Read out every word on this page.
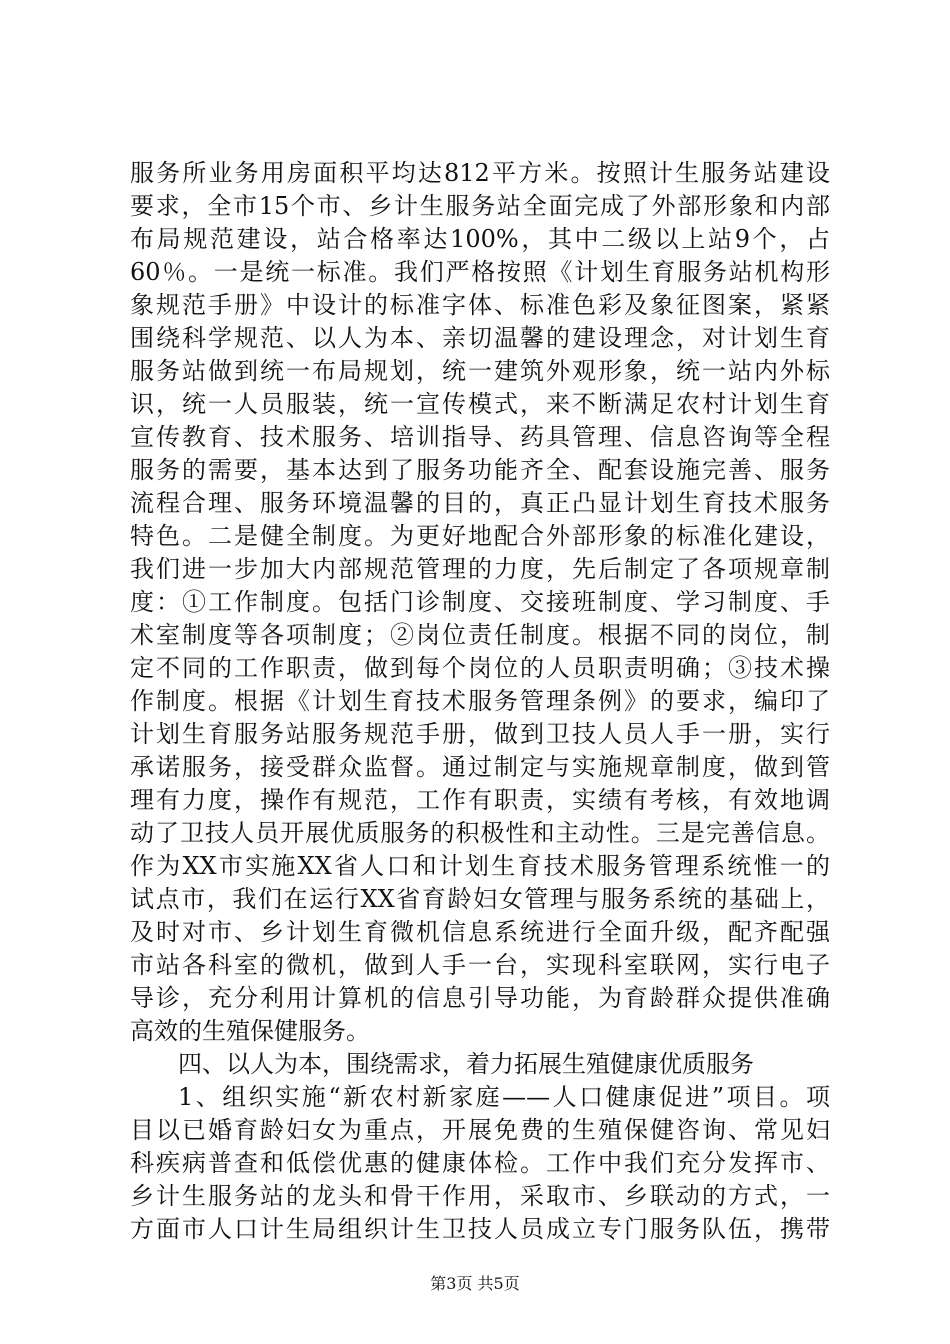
服务所业务用房面积平均达812平方米。按照计生服务站建设
要求，全市15个市、乡计生服务站全面完成了外部形象和内部
布局规范建设，站合格率达100%，其中二级以上站9个，占
60％。一是统一标准。我们严格按照《计划生育服务站机构形
象规范手册》中设计的标准字体、标准色彩及象征图案，紧紧
围绕科学规范、以人为本、亲切温馨的建设理念，对计划生育
服务站做到统一布局规划，统一建筑外观形象，统一站内外标
识，统一人员服装，统一宣传模式，来不断满足农村计划生育
宣传教育、技术服务、培训指导、药具管理、信息咨询等全程
服务的需要，基本达到了服务功能齐全、配套设施完善、服务
流程合理、服务环境温馨的目的，真正凸显计划生育技术服务
特色。二是健全制度。为更好地配合外部形象的标准化建设，
我们进一步加大内部规范管理的力度，先后制定了各项规章制
度：①工作制度。包括门诊制度、交接班制度、学习制度、手
术室制度等各项制度；②岗位责任制度。根据不同的岗位，制
定不同的工作职责，做到每个岗位的人员职责明确；③技术操
作制度。根据《计划生育技术服务管理条例》的要求，编印了
计划生育服务站服务规范手册，做到卫技人员人手一册，实行
承诺服务，接受群众监督。通过制定与实施规章制度，做到管
理有力度，操作有规范，工作有职责，实绩有考核，有效地调
动了卫技人员开展优质服务的积极性和主动性。三是完善信息。
作为XX市实施XX省人口和计划生育技术服务管理系统惟一的
试点市，我们在运行XX省育龄妇女管理与服务系统的基础上，
及时对市、乡计划生育微机信息系统进行全面升级，配齐配强
市站各科室的微机，做到人手一台，实现科室联网，实行电子
导诊，充分利用计算机的信息引导功能，为育龄群众提供准确
高效的生殖保健服务。
四、以人为本，围绕需求，着力拓展生殖健康优质服务
1、组织实施“新农村新家庭——人口健康促进”项目。项
目以已婚育龄妇女为重点，开展免费的生殖保健咨询、常见妇
科疾病普查和低偿优惠的健康体检。工作中我们充分发挥市、
乡计生服务站的龙头和骨干作用，采取市、乡联动的方式，一
方面市人口计生局组织计生卫技人员成立专门服务队伍，携带
第3页 共5页
